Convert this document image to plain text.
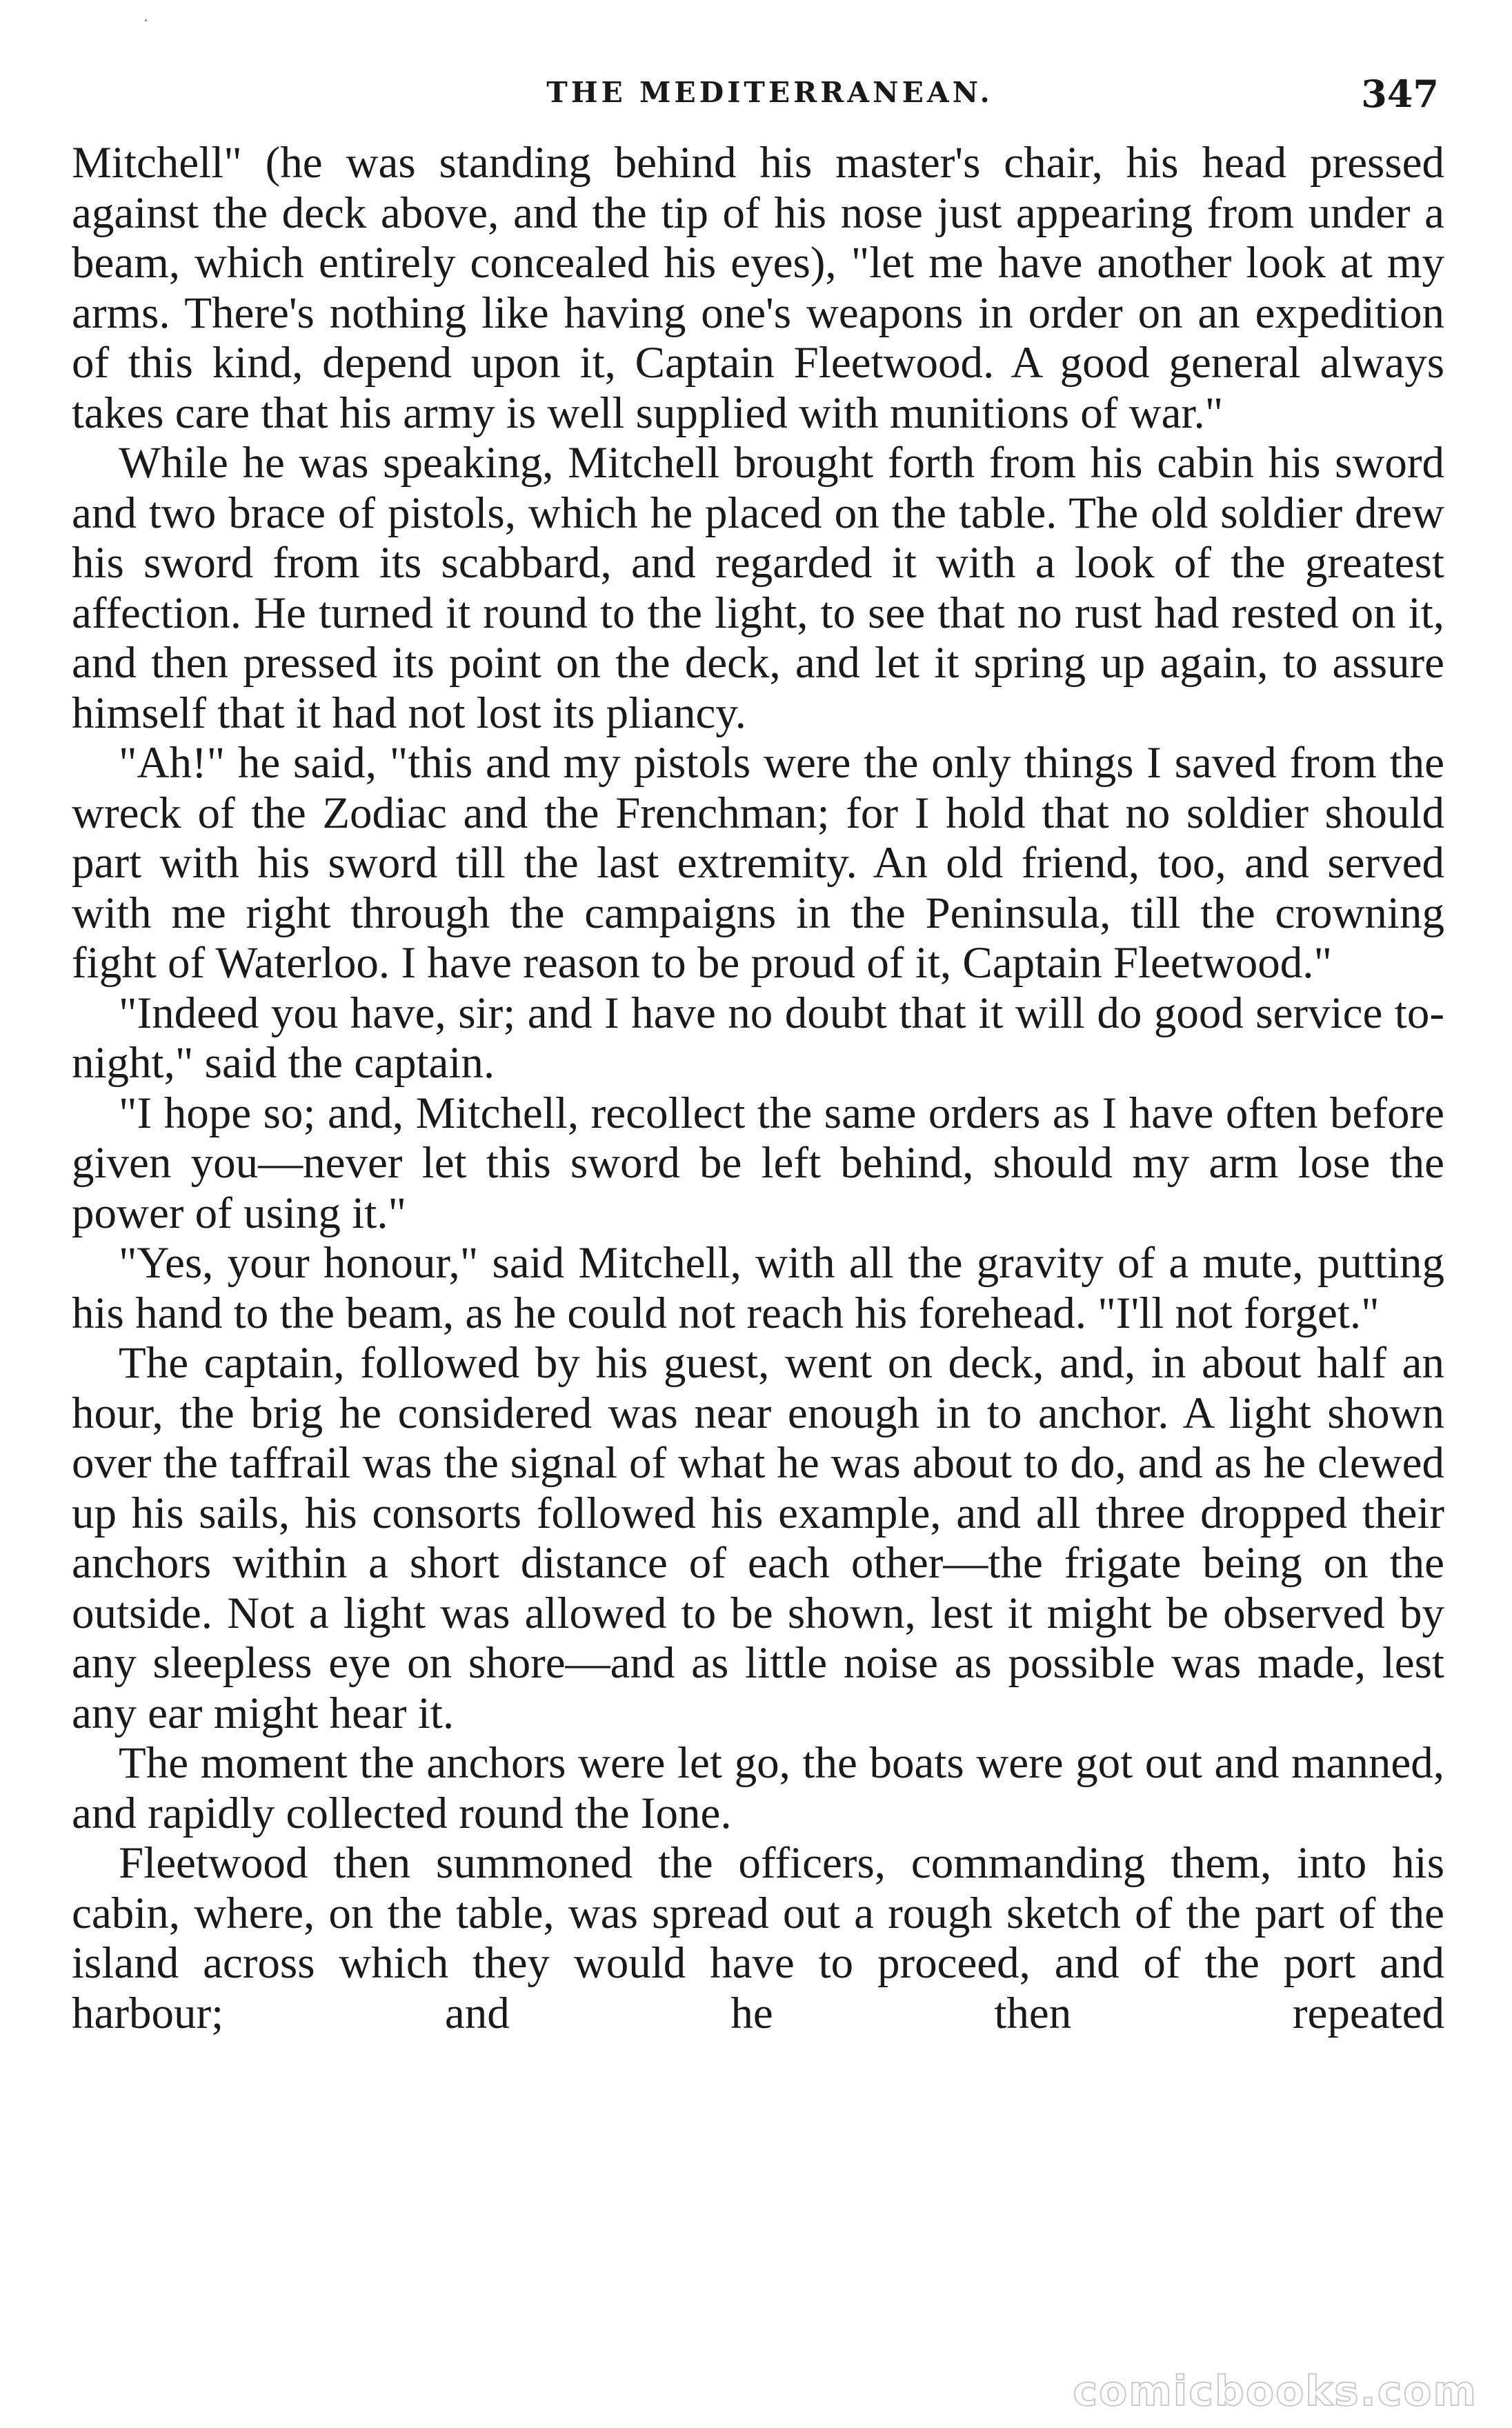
THE MEDITERRANEAN.	347

Mitchell" (he was standing behind his master's chair, his head pressed against the deck above, and the tip of his nose just appearing from under a beam, which entirely concealed his eyes), "let me have another look at my arms. There's nothing like having one's weapons in order on an expedition of this kind, depend upon it, Captain Fleetwood. A good general always takes care that his army is well supplied with munitions of war."

While he was speaking, Mitchell brought forth from his cabin his sword and two brace of pistols, which he placed on the table. The old soldier drew his sword from its scabbard, and regarded it with a look of the greatest affection. He turned it round to the light, to see that no rust had rested on it, and then pressed its point on the deck, and let it spring up again, to assure himself that it had not lost its pliancy.

"Ah!" he said, "this and my pistols were the only things I saved from the wreck of the Zodiac and the Frenchman; for I hold that no soldier should part with his sword till the last extremity. An old friend, too, and served with me right through the campaigns in the Peninsula, till the crowning fight of Waterloo. I have reason to be proud of it, Captain Fleetwood."

"Indeed you have, sir; and I have no doubt that it will do good service to-night," said the captain.

"I hope so; and, Mitchell, recollect the same orders as I have often before given you—never let this sword be left behind, should my arm lose the power of using it."

"Yes, your honour," said Mitchell, with all the gravity of a mute, putting his hand to the beam, as he could not reach his forehead. "I'll not forget."

The captain, followed by his guest, went on deck, and, in about half an hour, the brig he considered was near enough in to anchor. A light shown over the taffrail was the signal of what he was about to do, and as he clewed up his sails, his consorts followed his example, and all three dropped their anchors within a short distance of each other—the frigate being on the outside. Not a light was allowed to be shown, lest it might be observed by any sleepless eye on shore—and as little noise as possible was made, lest any ear might hear it.

The moment the anchors were let go, the boats were got out and manned, and rapidly collected round the Ione.

Fleetwood then summoned the officers, commanding them, into his cabin, where, on the table, was spread out a rough sketch of the part of the island across which they would have to proceed, and of the port and harbour; and he then repeated

comicbooks.com
